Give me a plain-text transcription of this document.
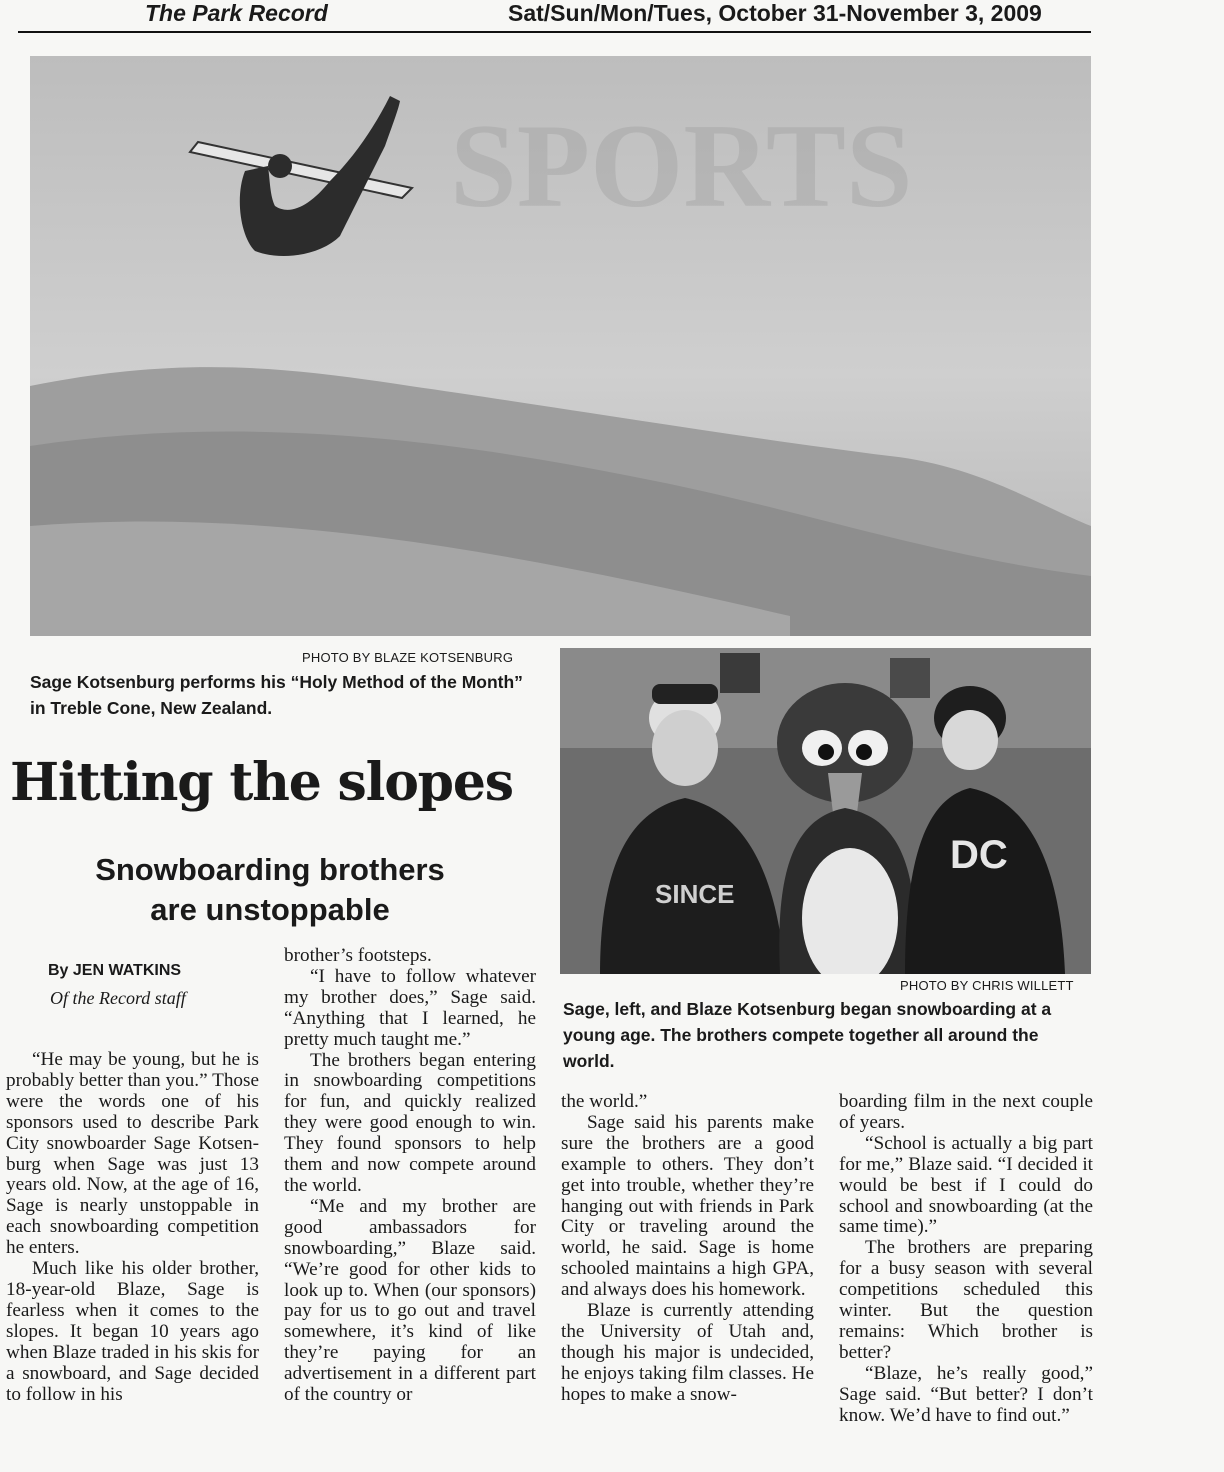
The Park Record	Sat/Sun/Mon/Tues, October 31-November 3, 2009
SPORTS
PHOTO BY BLAZE KOTSENBURG
Sage Kotsenburg performs his “Holy Method of the Month” in Treble Cone, New Zealand.
SINCE
DC
PHOTO BY CHRIS WILLETT
Sage, left, and Blaze Kotsenburg began snowboarding at a young age. The brothers compete together all around the world.
Hitting the slopes
Snowboarding brothers
are unstoppable
By JEN WATKINS
Of the Record staff

“He may be young, but he is probably better than you.” Those were the words one of his sponsors used to describe Park City snowboarder Sage Kotsenburg when Sage was just 13 years old. Now, at the age of 16, Sage is nearly unstoppable in each snowboarding competition he enters.

Much like his older brother, 18-year-old Blaze, Sage is fearless when it comes to the slopes. It began 10 years ago when Blaze traded in his skis for a snowboard, and Sage decided to follow in his

brother’s footsteps.

“I have to follow whatever my brother does,” Sage said. “Anything that I learned, he pretty much taught me.”

The brothers began entering in snowboarding competitions for fun, and quickly realized they were good enough to win. They found sponsors to help them and now compete around the world.

“Me and my brother are good ambassadors for snowboarding,” Blaze said. “We’re good for other kids to look up to. When (our sponsors) pay for us to go out and travel somewhere, it’s kind of like they’re paying for an advertisement in a different part of the country or

the world.”

Sage said his parents make sure the brothers are a good example to others. They don’t get into trouble, whether they’re hanging out with friends in Park City or traveling around the world, he said. Sage is home schooled maintains a high GPA, and always does his homework.

Blaze is currently attending the University of Utah and, though his major is undecided, he enjoys taking film classes. He hopes to make a snow-

boarding film in the next couple of years.

“School is actually a big part for me,” Blaze said. “I decided it would be best if I could do school and snowboarding (at the same time).”

The brothers are preparing for a busy season with several competitions scheduled this winter. But the question remains: Which brother is better?

“Blaze, he’s really good,” Sage said. “But better? I don’t know. We’d have to find out.”
